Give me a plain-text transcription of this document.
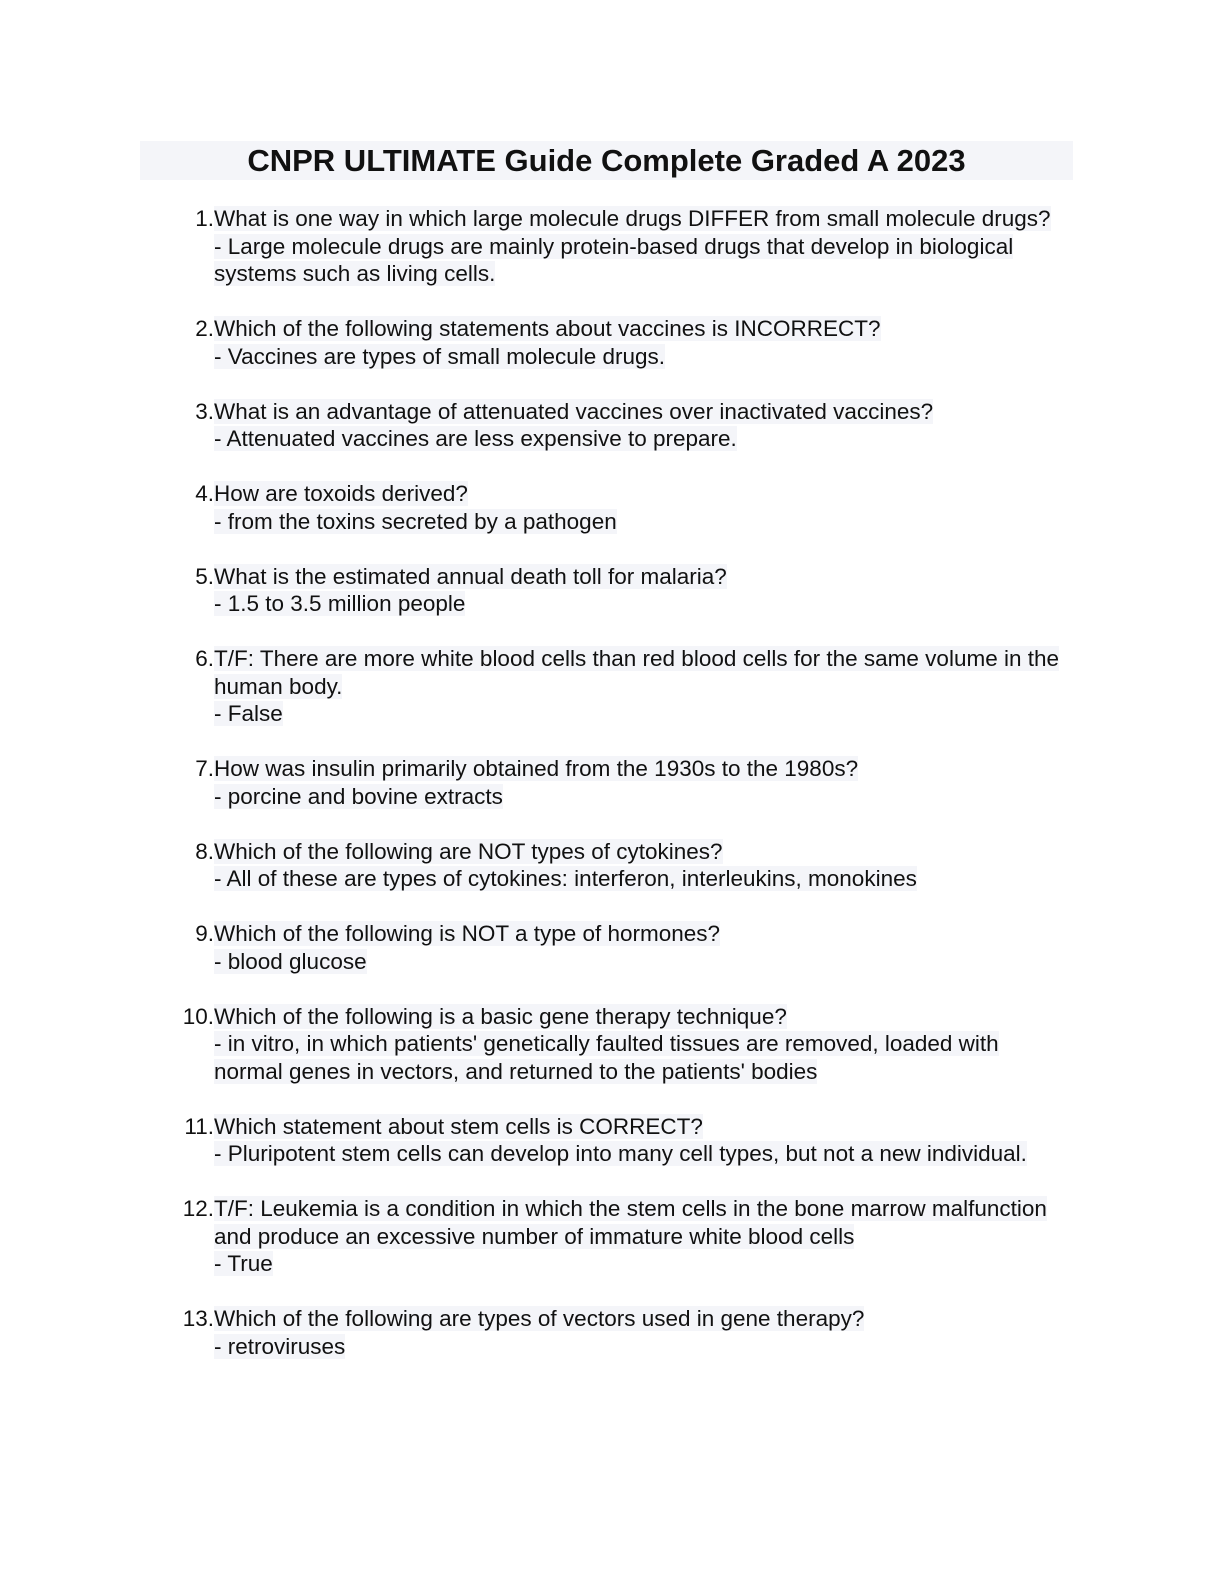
CNPR ULTIMATE Guide Complete Graded A 2023
1. What is one way in which large molecule drugs DIFFER from small molecule drugs?
- Large molecule drugs are mainly protein-based drugs that develop in biological systems such as living cells.
2. Which of the following statements about vaccines is INCORRECT?
- Vaccines are types of small molecule drugs.
3. What is an advantage of attenuated vaccines over inactivated vaccines?
- Attenuated vaccines are less expensive to prepare.
4. How are toxoids derived?
- from the toxins secreted by a pathogen
5. What is the estimated annual death toll for malaria?
- 1.5 to 3.5 million people
6. T/F: There are more white blood cells than red blood cells for the same volume in the human body.
- False
7. How was insulin primarily obtained from the 1930s to the 1980s?
- porcine and bovine extracts
8. Which of the following are NOT types of cytokines?
- All of these are types of cytokines: interferon, interleukins, monokines
9. Which of the following is NOT a type of hormones?
- blood glucose
10. Which of the following is a basic gene therapy technique?
- in vitro, in which patients' genetically faulted tissues are removed, loaded with normal genes in vectors, and returned to the patients' bodies
11. Which statement about stem cells is CORRECT?
- Pluripotent stem cells can develop into many cell types, but not a new individual.
12. T/F: Leukemia is a condition in which the stem cells in the bone marrow malfunction and produce an excessive number of immature white blood cells
- True
13. Which of the following are types of vectors used in gene therapy?
- retroviruses
